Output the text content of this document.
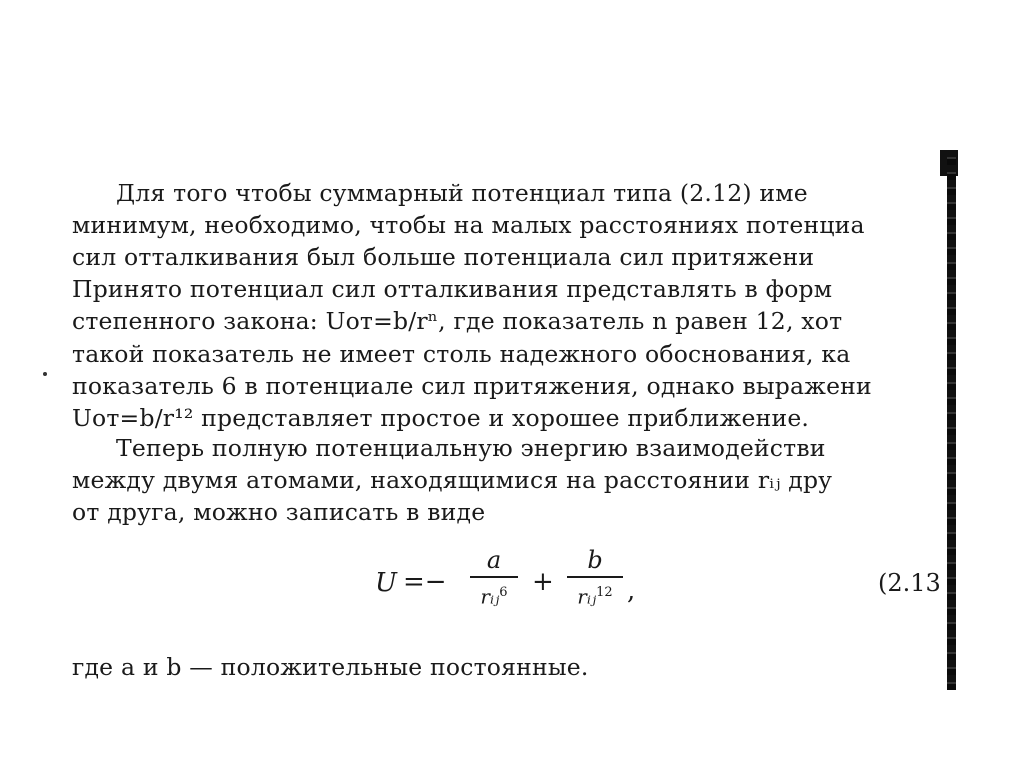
Для того чтобы суммарный потенциал типа (2.12) име
минимум, необходимо, чтобы на малых расстояниях потенциа
сил отталкивания был больше потенциала сил притяжени
Принято потенциал сил отталкивания представлять в форм
степенного закона: Uот=b/rⁿ, где показатель n равен 12, хот
такой показатель не имеет столь надежного обоснования, ка
показатель 6 в потенциале сил притяжения, однако выражени
Uот=b/r¹² представляет простое и хорошее приближение.
Теперь полную потенциальную энергию взаимодействи
между двумя атомами, находящимися на расстоянии rᵢⱼ дру
от друга, можно записать в виде
U =−
a
rᵢⱼ$^6$ +
b
rᵢⱼ$^{12}$ ,	(2.13
где a и b — положительные постоянные.
